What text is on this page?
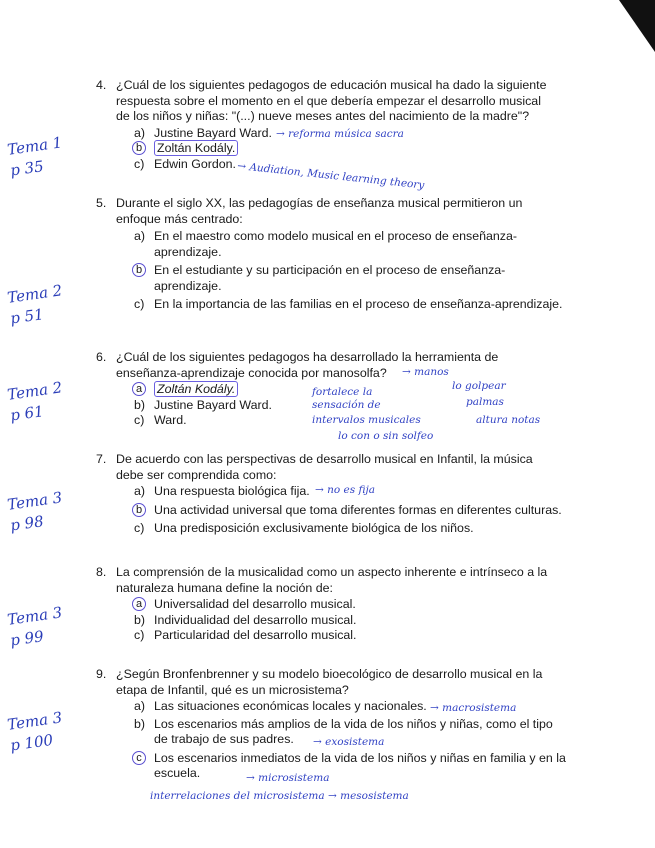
4. ¿Cuál de los siguientes pedagogos de educación musical ha dado la siguiente
respuesta sobre el momento en el que debería empezar el desarrollo musical
de los niños y niñas: "(...) nueve meses antes del nacimiento de la madre"?
a) Justine Bayard Ward.
b	Zoltán Kodály.
c) Edwin Gordon.
5. Durante el siglo XX, las pedagogías de enseñanza musical permitieron un
enfoque más centrado:
a) En el maestro como modelo musical en el proceso de enseñanza-aprendizaje.
b En el estudiante y su participación en el proceso de enseñanza-aprendizaje.
c) En la importancia de las familias en el proceso de enseñanza-aprendizaje.
6. ¿Cuál de los siguientes pedagogos ha desarrollado la herramienta de
enseñanza-aprendizaje conocida por manosolfa?
a	Zoltán Kodály.
b) Justine Bayard Ward.
c) Ward.
7. De acuerdo con las perspectivas de desarrollo musical en Infantil, la música
debe ser comprendida como:
a) Una respuesta biológica fija.
b Una actividad universal que toma diferentes formas en diferentes culturas.
c) Una predisposición exclusivamente biológica de los niños.
8. La comprensión de la musicalidad como un aspecto inherente e intrínseco a la
naturaleza humana define la noción de:
a Universalidad del desarrollo musical.
b) Individualidad del desarrollo musical.
c) Particularidad del desarrollo musical.
9. ¿Según Bronfenbrenner y su modelo bioecológico de desarrollo musical en la
etapa de Infantil, qué es un microsistema?
a) Las situaciones económicas locales y nacionales.
b) Los escenarios más amplios de la vida de los niños y niñas, como el tipo de trabajo de sus padres.
c Los escenarios inmediatos de la vida de los niños y niñas en familia y en la escuela.
Tema 1
p 35
Tema 2
p 51
Tema 2
p 61
Tema 3
p 98
Tema 3
p 99
Tema 3
p 100
→ reforma música sacra
→ Audiation, Music learning theory
→ manos
fortalece la
sensación de
intervalos musicales
lo con o sin solfeo
lo golpear
palmas
altura notas
→ no es fija
→ macrosistema
→ exosistema
→ microsistema
interrelaciones del microsistema → mesosistema
